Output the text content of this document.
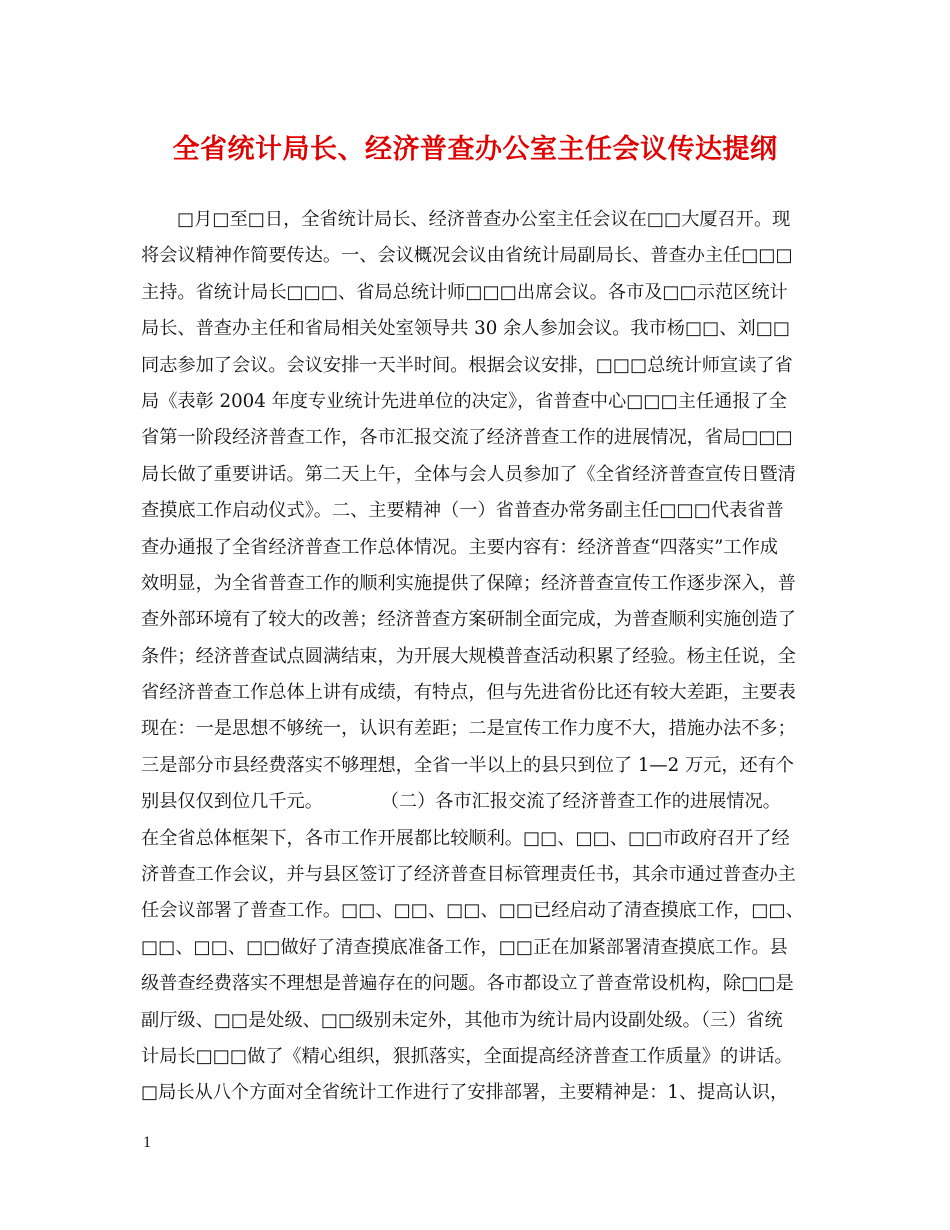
全省统计局长、经济普查办公室主任会议传达提纲
□月□至□日，全省统计局长、经济普查办公室主任会议在□□大厦召开。现
将会议精神作简要传达。一、会议概况会议由省统计局副局长、普查办主任□□□
主持。省统计局长□□□、省局总统计师□□□出席会议。各市及□□示范区统计
局长、普查办主任和省局相关处室领导共 30 余人参加会议。我市杨□□、刘□□
同志参加了会议。会议安排一天半时间。根据会议安排，□□□总统计师宣读了省
局《表彰 2004 年度专业统计先进单位的决定》，省普查中心□□□主任通报了全
省第一阶段经济普查工作，各市汇报交流了经济普查工作的进展情况，省局□□□
局长做了重要讲话。第二天上午，全体与会人员参加了《全省经济普查宣传日暨清
查摸底工作启动仪式》。二、主要精神（一）省普查办常务副主任□□□代表省普
查办通报了全省经济普查工作总体情况。主要内容有：经济普查“四落实”工作成
效明显，为全省普查工作的顺利实施提供了保障；经济普查宣传工作逐步深入，普
查外部环境有了较大的改善；经济普查方案研制全面完成，为普查顺利实施创造了
条件；经济普查试点圆满结束，为开展大规模普查活动积累了经验。杨主任说，全
省经济普查工作总体上讲有成绩，有特点，但与先进省份比还有较大差距，主要表
现在：一是思想不够统一，认识有差距；二是宣传工作力度不大，措施办法不多；
三是部分市县经费落实不够理想，全省一半以上的县只到位了 1—2 万元，还有个
别县仅仅到位几千元。          （二）各市汇报交流了经济普查工作的进展情况。
在全省总体框架下，各市工作开展都比较顺利。□□、□□、□□市政府召开了经
济普查工作会议，并与县区签订了经济普查目标管理责任书，其余市通过普查办主
任会议部署了普查工作。□□、□□、□□、□□已经启动了清查摸底工作，□□、
□□、□□、□□做好了清查摸底准备工作，□□正在加紧部署清查摸底工作。县
级普查经费落实不理想是普遍存在的问题。各市都设立了普查常设机构，除□□是
副厅级、□□是处级、□□级别未定外，其他市为统计局内设副处级。（三）省统
计局长□□□做了《精心组织，狠抓落实，全面提高经济普查工作质量》的讲话。
□局长从八个方面对全省统计工作进行了安排部署，主要精神是：1、提高认识，
1
